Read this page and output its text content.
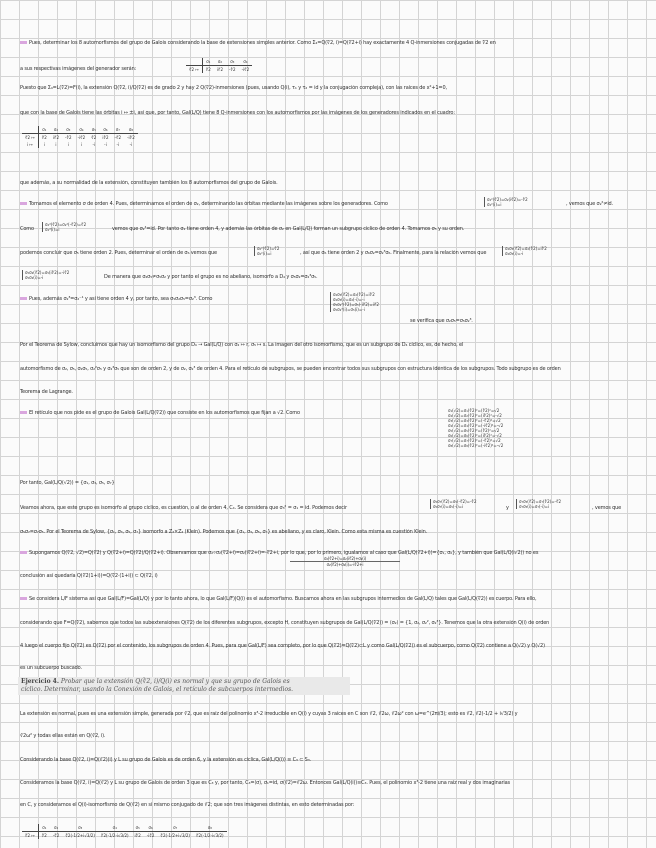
Pues, determinar los 8 automorfismos del grupo de Galois considerando la base de extensiones simples anterior. Como Σ₄=Q(∜2, i)=Q(∜2+i) hay exactamente 4 Q-inmersiones conjugadas de ∜2 en
a sus respectivas imágenes del generador serán:
	σ₁	σ₂	σ₃	σ₄
∜2 ↦	∜2	i∜2	-∜2	-i∜2
Puesto que Σ₄=L(∜2)=F(i), la extensión Q(∜2, i)/Q(∜2) es de grado 2 y hay 2 Q(∜2)-inmersiones (pues, usando Q(i), τ₁ y τ₂ = id y la conjugación compleja), con las raíces de x²+1=0,
que con la base de Galois tiene las órbitas i ↦ ±i, así que, por tanto, Gal(L/Q) tiene 8 Q-inmersiones con los automorfismos por las imágenes de los generadores indicados en el cuadro:
	σ₁	σ₂	σ₃	σ₄	σ₅	σ₆	σ₇	σ₈
∜2 ↦	∜2	i∜2	-∜2	-i∜2	∜2	i∜2	-∜2	-i∜2
i ↦	i	i	i	i	-i	-i	-i	-i
que además, a su normalidad de la extensión, constituyen también los 8 automorfismos del grupo de Galois.
Tomamos el elemento σ de orden 4. Pues, determinamos el orden de σ₂, determinando las órbitas mediante las imágenes sobre los generadores. Como
σ₂²(∜2)=σ₂(i∜2)=-∜2
σ₂²(i)=i	, vemos que σ₂²≠id.
Como
σ₂⁴(∜2)=σ₂²(-∜2)=∜2
σ₂⁴(i)=i	vemos que σ₂⁴=id. Por tanto σ₂ tiene orden 4, y además las órbitas de σ₂ en Gal(L/Q) forman un subgrupo cíclico de orden 4. Tomamos σ₅ y su orden.
podemos concluir que σ₅ tiene orden 2. Pues, determinar el orden de σ₆ vemos que
σ₆²(∜2)=∜2
σ₆²(i)=i	, así que σ₆ tiene orden 2 y σ₆σ₂=σ₂³σ₆. Finalmente, para la relación vemos que
σ₂σ₅(∜2)=σ₂(∜2)=i∜2
σ₂σ₅(i)=-i
σ₅σ₂(∜2)=σ₅(i∜2)=-i∜2
σ₅σ₂(i)=-i	De manera que σ₂σ₅≠σ₅σ₂ y por tanto el grupo es no abeliano, isomorfo a D₄ y σ₅σ₂=σ₂³σ₅.
Pues, además σ₂³=σ₂⁻¹ y así tiene orden 4 y, por tanto, sea σ₅σ₂σ₅=σ₂³. Como
σ₂σ₅(∜2)=σ₂(∜2)=i∜2
σ₂σ₅(i)=σ₂(-i)=-i
σ₅σ₂³(∜2)=σ₅(-i∜2)=i∜2
σ₅σ₂³(i)=σ₅(i)=-i
se verifica que σ₂σ₅=σ₅σ₂³.
Por el Teorema de Sylow, concluimos que hay un isomorfismo del grupo D₄ → Gal(L/Q) con σ₂ ↦ r, σ₅ ↦ s. La imagen del otro isomorfismo, que es un subgrupo de D₄ cíclico, es, de hecho, el
automorfismo de σ₂, σ₅, σ₂σ₅, σ₂²σ₅ y σ₂³σ₅ que son de orden 2, y de σ₂, σ₂³ de orden 4. Para el retículo de subgrupos, se pueden encontrar todos sus subgrupos con estructura idéntica de los subgrupos. Todo subgrupo es de orden
Teorema de Lagrange.
El retículo que nos pide es el grupo de Galois Gal(L/Q(∜2)) que consiste en los automorfismos que fijan a √2. Como	σ₁(√2)=σ₁(∜2)²=(∜2)²=√2
σ₂(√2)=σ₂(∜2)²=(i∜2)²=-√2
σ₃(√2)=σ₃(∜2)²=(-∜2)²=√2
σ₄(√2)=σ₄(∜2)²=(-i∜2)²=-√2
σ₅(√2)=σ₅(∜2)²=(∜2)²=√2
σ₆(√2)=σ₆(∜2)²=(i∜2)²=-√2
σ₇(√2)=σ₇(∜2)²=(-∜2)²=√2
σ₈(√2)=σ₈(∜2)²=(-i∜2)²=-√2
Por tanto, Gal(L/Q(√2)) = {σ₁, σ₃, σ₅, σ₇}
Veamos ahora, que este grupo es isomorfo al grupo cíclico, es cuestión, o al de orden 4, C₄. Se considera que σ₃² = σ₁ = id. Podemos decir
σ₅σ₇(∜2)=σ₅(-∜2)=-∜2
σ₅σ₇(i)=σ₅(-i)=i	y
σ₇σ₅(∜2)=σ₇(∜2)=-∜2
σ₇σ₅(i)=σ₇(-i)=i	, vemos que
σ₅σ₇=σ₇σ₅. Por el Teorema de Sylow, {σ₁, σ₃, σ₅, σ₇} isomorfo a Z₂×Z₂ (Klein). Podemos que {σ₁, σ₃, σ₅, σ₇} es abeliano, y es claro, Klein. Como esta misma es cuestión Klein.
Supongamos Q(∜2, √2)=Q(∜2) y Q(∜2+i)=Q(∜2)/Q(∜2+i). Observamos que σ₂∘σ₂(∜2+i)=σ₂(i∜2+i)=-∜2+i, por lo que, por lo primero, igualamos al caso que Gal(L/Q(∜2+i))={σ₁, σ₆}, y también que Gal(L/Q(i√2)) no es
σ₂(∜2+i)=σ₂(i∜2)+σ₂(i)
σ₂(∜2)+σ₂(i)=-i∜2+i
conclusión así quedaría Q(∜2(1+i))=Q(∜2·(1+i)) ⊂ Q(∜2, i)
Se considera L/F sistema así que Gal(L/F)=Gal(L/Q) y por lo tanto ahora, lo que Gal(L/F)|Q(i) es el automorfismo. Buscamos ahora en las subgrupos intermedios de Gal(L/Q) tales que Gal(L/Q(∜2)) es cuerpo. Para ello,
considerando que F=Q(∜2), sabemos que todos las subextensiones Q(∜2) de los diferentes subgrupos, excepto H, constituyen subgrupos de Gal(L/Q(∜2)) = ⟨σ₂⟩ = {1, σ₂, σ₂², σ₂³}. Tenemos que la otra extensión Q(i) de orden
4 luego el cuerpo fijo Q(∜2) es Q(∜2) por el contenido, los subgrupos de orden 4. Pues, para que Gal(L/F) sea completo, por lo que Q(∜2)=Q(∜2)⊂L y como Gal(L/Q(∜2)) es el subcuerpo, como Q(∜2) contiene a Q(√2) y Q(√2)
es un subcuerpo buscado.
Ejercicio 4. Probar que la extensión Q(∛2, i)/Q(i) es normal y que su grupo de Galois es
cíclico. Determinar, usando la Conexión de Galois, el retículo de subcuerpos intermedios.
La extensión es normal, pues es una extensión simple, generada por ∛2, que es raíz del polinomio x³-2 irreducible en Q(i) y cuyas 3 raíces en C son ∛2, ∛2ω, ∛2ω² con ω=e^(2πi/3); esto es ∛2, ∛2(-1/2 + i√3/2) y
∛2ω² y todas ellas están en Q(∛2, i).
Considerando la base Q(∛2, i)=Q(∛2)(i) y L su grupo de Galois es de orden 6, y la extensión es cíclica, Gal(L/Q(i)) ≅ C₃ ⊂ S₃.
Consideramos la base Q(∛2, i)=Q(∛2) y L su grupo de Galois de orden 3 que es C₃ y, por tanto, C₃=⟨σ⟩, σ₁=id, σ(∛2)=∛2ω. Entonces Gal(L/Q(i))≅C₃. Pues, el polinomio x³-2 tiene una raíz real y dos imaginarias
en C, y consideramos el Q(i)-isomorfismo de Q(∛2) en sí mismo conjugado de ∛2; que son tres imágenes distintas, en esto determinadas por:
	σ₁	σ₂	σ₃	σ₄	σ₅	σ₆	σ₇	σ₈
∛2 ↦	∛2	-∛2	∛2(-1/2+i√3/2)	∛2(-1/2-i√3/2)	i∛2	-i∛2	∛2(-1/2+i√3/2)	∛2(-1/2-i√3/2)
